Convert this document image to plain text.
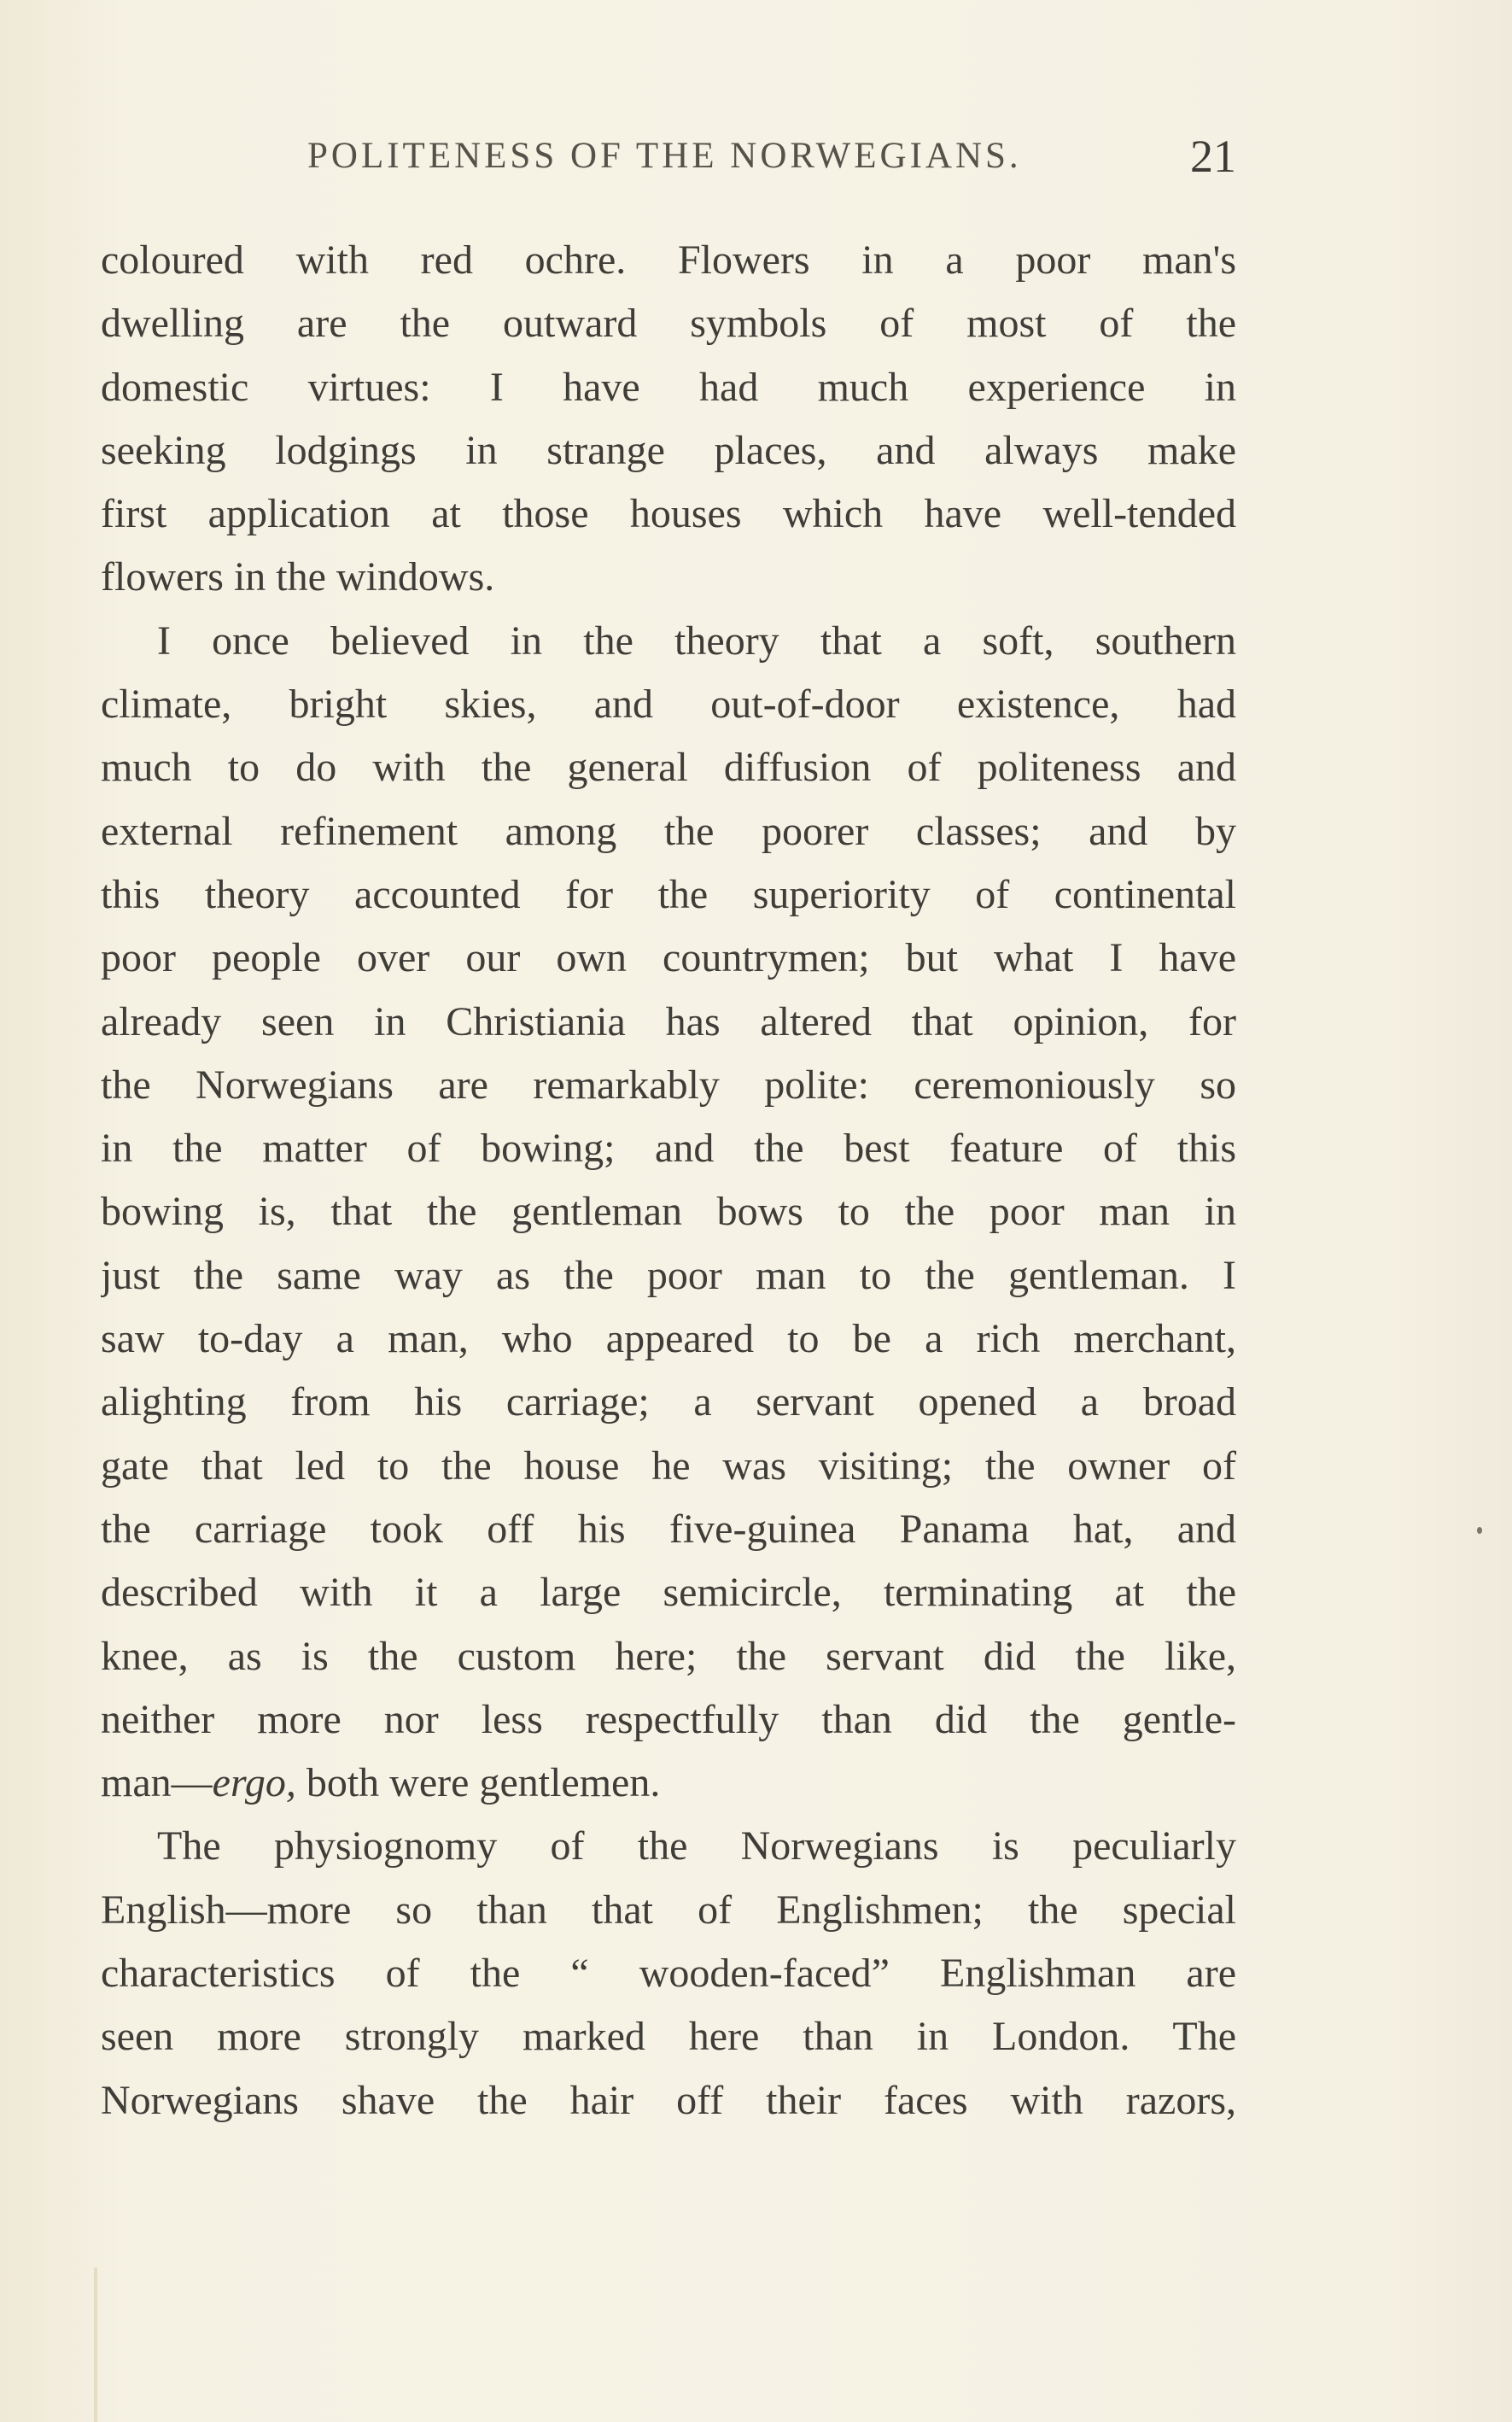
POLITENESS OF THE NORWEGIANS.	21
coloured with red ochre. Flowers in a poor man's
dwelling are the outward symbols of most of the
domestic virtues: I have had much experience in
seeking lodgings in strange places, and always make
first application at those houses which have well-tended
flowers in the windows.
I once believed in the theory that a soft, southern
climate, bright skies, and out-of-door existence, had
much to do with the general diffusion of politeness and
external refinement among the poorer classes; and by
this theory accounted for the superiority of continental
poor people over our own countrymen; but what I have
already seen in Christiania has altered that opinion, for
the Norwegians are remarkably polite: ceremoniously so
in the matter of bowing; and the best feature of this
bowing is, that the gentleman bows to the poor man in
just the same way as the poor man to the gentleman. I
saw to-day a man, who appeared to be a rich merchant,
alighting from his carriage; a servant opened a broad
gate that led to the house he was visiting; the owner of
the carriage took off his five-guinea Panama hat, and
described with it a large semicircle, terminating at the
knee, as is the custom here; the servant did the like,
neither more nor less respectfully than did the gentle-
man—ergo, both were gentlemen.
The physiognomy of the Norwegians is peculiarly
English—more so than that of Englishmen; the special
characteristics of the “ wooden-faced” Englishman are
seen more strongly marked here than in London. The
Norwegians shave the hair off their faces with razors,
